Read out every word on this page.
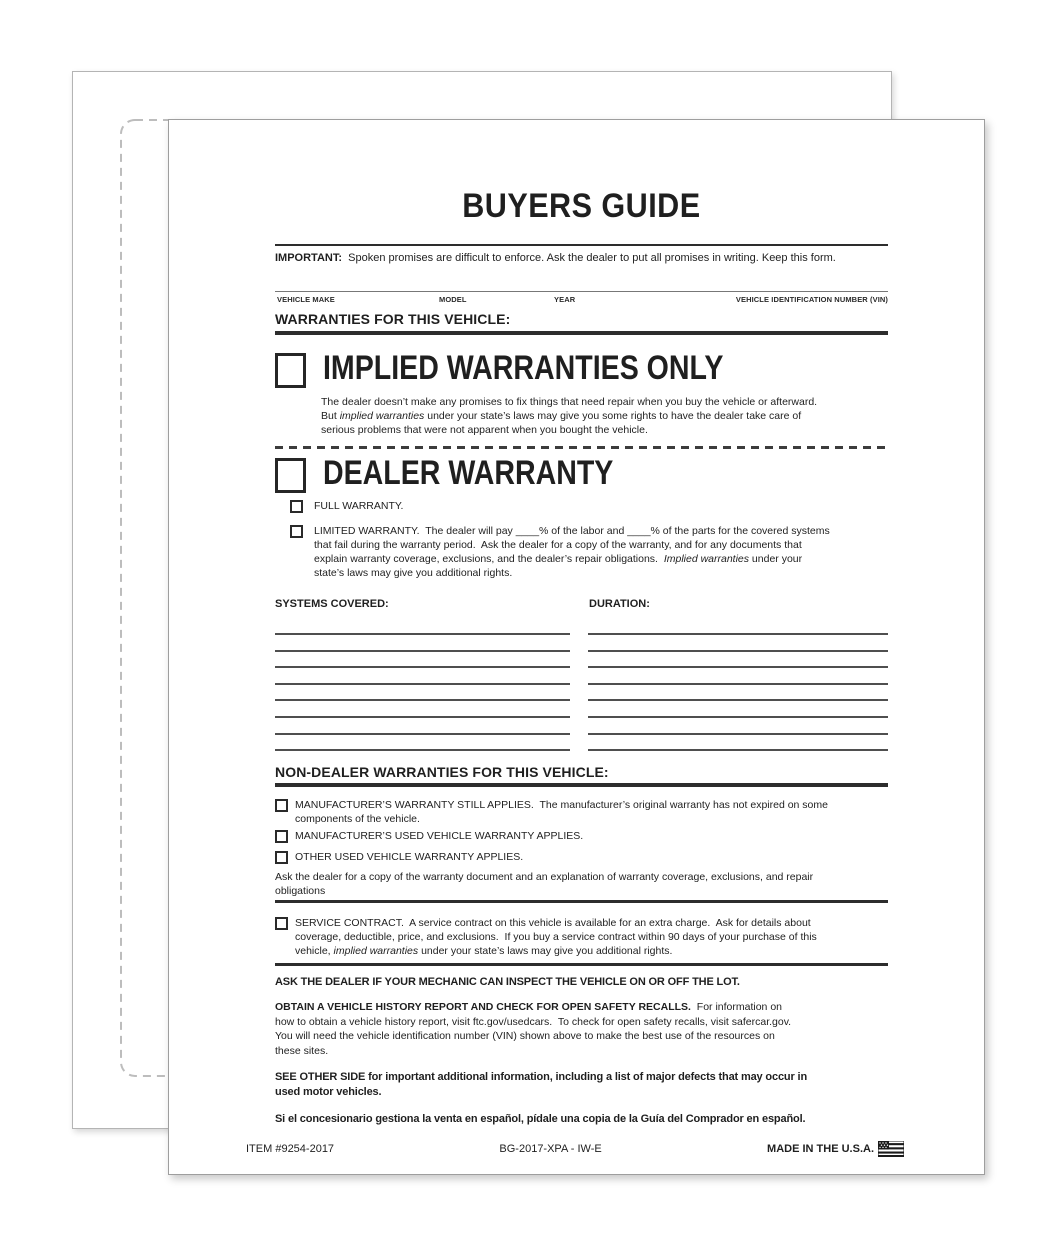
BUYERS GUIDE
IMPORTANT:  Spoken promises are difficult to enforce. Ask the dealer to put all promises in writing. Keep this form.
VEHICLE MAKE	MODEL	YEAR	VEHICLE IDENTIFICATION NUMBER (VIN)
WARRANTIES FOR THIS VEHICLE:
IMPLIED WARRANTIES ONLY
The dealer doesn’t make any promises to fix things that need repair when you buy the vehicle or afterward.
But implied warranties under your state’s laws may give you some rights to have the dealer take care of
serious problems that were not apparent when you bought the vehicle.
DEALER WARRANTY
FULL WARRANTY.
LIMITED WARRANTY.  The dealer will pay ____% of the labor and ____% of the parts for the covered systems
that fail during the warranty period.  Ask the dealer for a copy of the warranty, and for any documents that
explain warranty coverage, exclusions, and the dealer’s repair obligations.  Implied warranties under your
state’s laws may give you additional rights.
SYSTEMS COVERED:	DURATION:
NON-DEALER WARRANTIES FOR THIS VEHICLE:
MANUFACTURER’S WARRANTY STILL APPLIES.  The manufacturer’s original warranty has not expired on some
components of the vehicle.
MANUFACTURER’S USED VEHICLE WARRANTY APPLIES.
OTHER USED VEHICLE WARRANTY APPLIES.
Ask the dealer for a copy of the warranty document and an explanation of warranty coverage, exclusions, and repair
obligations
SERVICE CONTRACT.  A service contract on this vehicle is available for an extra charge.  Ask for details about
coverage, deductible, price, and exclusions.  If you buy a service contract within 90 days of your purchase of this
vehicle, implied warranties under your state’s laws may give you additional rights.
ASK THE DEALER IF YOUR MECHANIC CAN INSPECT THE VEHICLE ON OR OFF THE LOT.
OBTAIN A VEHICLE HISTORY REPORT AND CHECK FOR OPEN SAFETY RECALLS.  For information on
how to obtain a vehicle history report, visit ftc.gov/usedcars.  To check for open safety recalls, visit safercar.gov.
You will need the vehicle identification number (VIN) shown above to make the best use of the resources on
these sites.
SEE OTHER SIDE for important additional information, including a list of major defects that may occur in
used motor vehicles.
Si el concesionario gestiona la venta en español, pídale una copia de la Guía del Comprador en español.
ITEM #9254-2017	BG-2017-XPA - IW-E	MADE IN THE U.S.A.
